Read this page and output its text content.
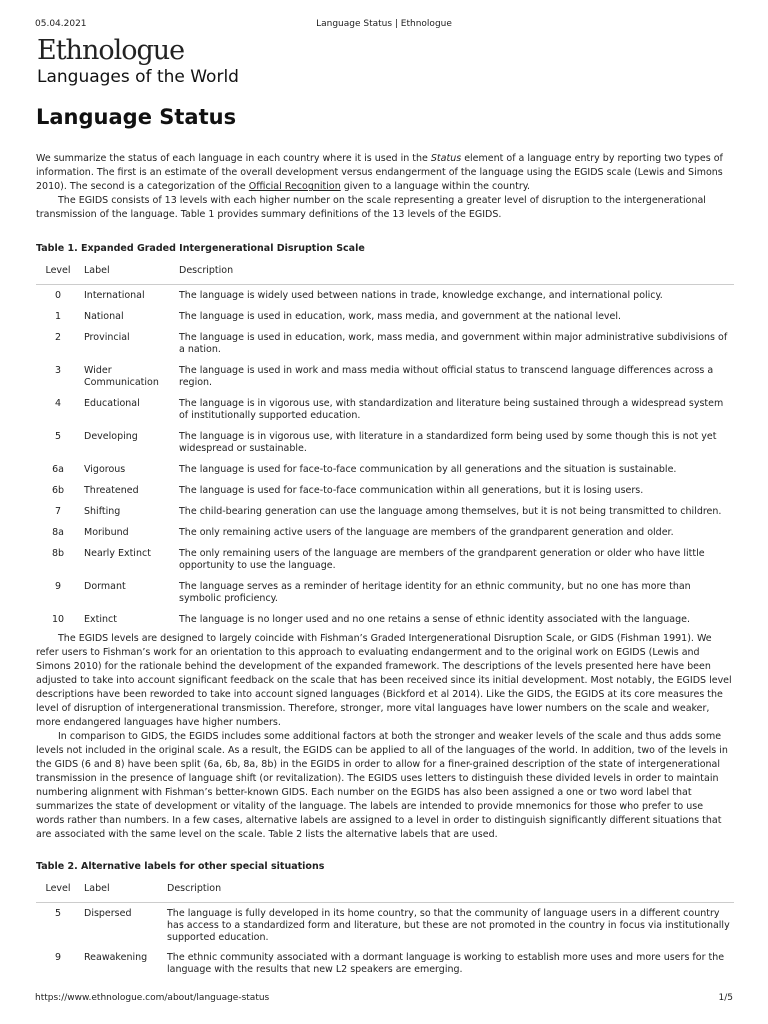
05.04.2021	Language Status | Ethnologue
Ethnologue
Languages of the World
Language Status

We summarize the status of each language in each country where it is used in the Status element of a language entry by reporting two types of information. The first is an estimate of the overall development versus endangerment of the language using the EGIDS scale (Lewis and Simons 2010). The second is a categorization of the Official Recognition given to a language within the country.

The EGIDS consists of 13 levels with each higher number on the scale representing a greater level of disruption to the intergenerational transmission of the language. Table 1 provides summary definitions of the 13 levels of the EGIDS.

Table 1. Expanded Graded Intergenerational Disruption Scale
Level	Label	Description
0	International	The language is widely used between nations in trade, knowledge exchange, and international policy.
1	National	The language is used in education, work, mass media, and government at the national level.
2	Provincial	The language is used in education, work, mass media, and government within major administrative subdivisions of a nation.
3	Wider Communication	The language is used in work and mass media without official status to transcend language differences across a region.
4	Educational	The language is in vigorous use, with standardization and literature being sustained through a widespread system of institutionally supported education.
5	Developing	The language is in vigorous use, with literature in a standardized form being used by some though this is not yet widespread or sustainable.
6a	Vigorous	The language is used for face-to-face communication by all generations and the situation is sustainable.
6b	Threatened	The language is used for face-to-face communication within all generations, but it is losing users.
7	Shifting	The child-bearing generation can use the language among themselves, but it is not being transmitted to children.
8a	Moribund	The only remaining active users of the language are members of the grandparent generation and older.
8b	Nearly Extinct	The only remaining users of the language are members of the grandparent generation or older who have little opportunity to use the language.
9	Dormant	The language serves as a reminder of heritage identity for an ethnic community, but no one has more than symbolic proficiency.
10	Extinct	The language is no longer used and no one retains a sense of ethnic identity associated with the language.

The EGIDS levels are designed to largely coincide with Fishman’s Graded Intergenerational Disruption Scale, or GIDS (Fishman 1991). We refer users to Fishman’s work for an orientation to this approach to evaluating endangerment and to the original work on EGIDS (Lewis and Simons 2010) for the rationale behind the development of the expanded framework. The descriptions of the levels presented here have been adjusted to take into account significant feedback on the scale that has been received since its initial development. Most notably, the EGIDS level descriptions have been reworded to take into account signed languages (Bickford et al 2014). Like the GIDS, the EGIDS at its core measures the level of disruption of intergenerational transmission. Therefore, stronger, more vital languages have lower numbers on the scale and weaker, more endangered languages have higher numbers.

In comparison to GIDS, the EGIDS includes some additional factors at both the stronger and weaker levels of the scale and thus adds some levels not included in the original scale. As a result, the EGIDS can be applied to all of the languages of the world. In addition, two of the levels in the GIDS (6 and 8) have been split (6a, 6b, 8a, 8b) in the EGIDS in order to allow for a finer-grained description of the state of intergenerational transmission in the presence of language shift (or revitalization). The EGIDS uses letters to distinguish these divided levels in order to maintain numbering alignment with Fishman’s better-known GIDS. Each number on the EGIDS has also been assigned a one or two word label that summarizes the state of development or vitality of the language. The labels are intended to provide mnemonics for those who prefer to use words rather than numbers. In a few cases, alternative labels are assigned to a level in order to distinguish significantly different situations that are associated with the same level on the scale. Table 2 lists the alternative labels that are used.

Table 2. Alternative labels for other special situations
Level	Label	Description
5	Dispersed	The language is fully developed in its home country, so that the community of language users in a different country has access to a standardized form and literature, but these are not promoted in the country in focus via institutionally supported education.
9	Reawakening	The ethnic community associated with a dormant language is working to establish more uses and more users for the language with the results that new L2 speakers are emerging.
https://www.ethnologue.com/about/language-status	1/5
